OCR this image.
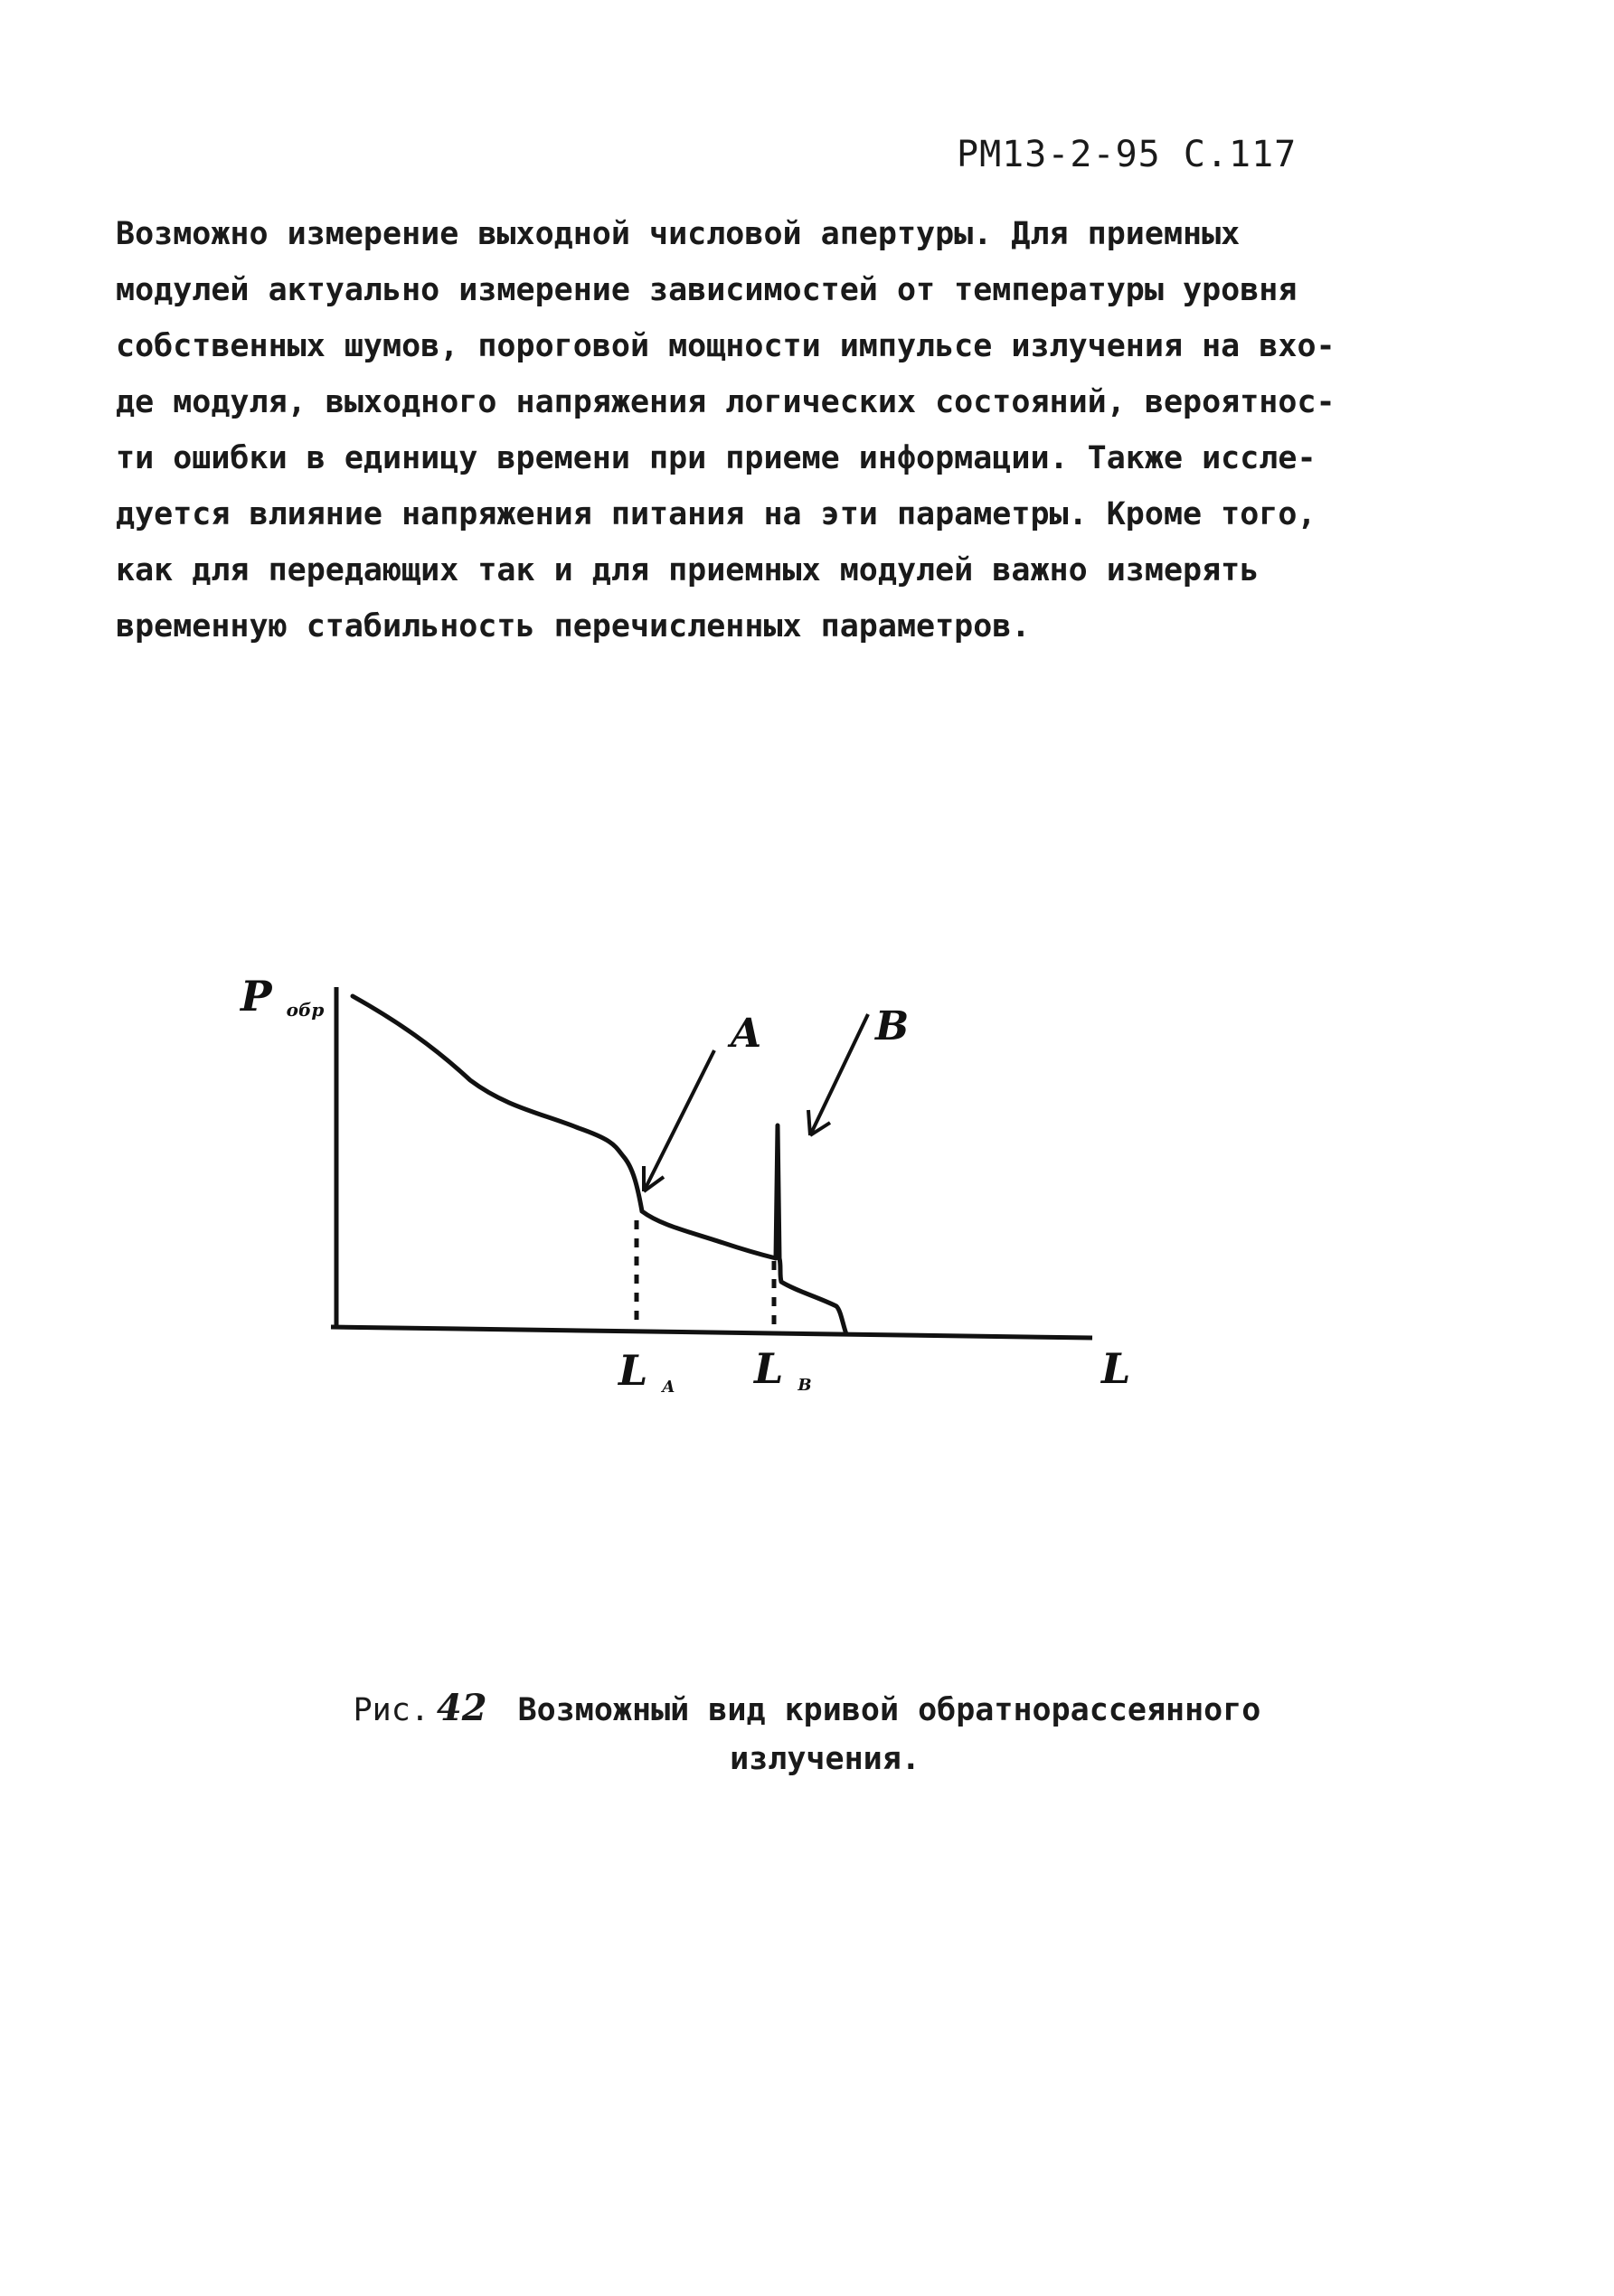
РМ13-2-95 С.117
Возможно измерение выходной числовой апертуры. Для приемных
модулей актуально измерение зависимостей от температуры уровня
собственных шумов, пороговой мощности импульсе излучения на вхо-
де модуля, выходного напряжения логических состояний, вероятнос-
ти ошибки в единицу времени при приеме информации. Также иссле-
дуется влияние напряжения питания на эти параметры. Кроме того,
как для передающих так и для приемных модулей важно измерять
временную стабильность перечисленных параметров.
P обр
A	B
L A L B	L
Рис. 42 Возможный вид кривой обратнорассеянного
излучения.
